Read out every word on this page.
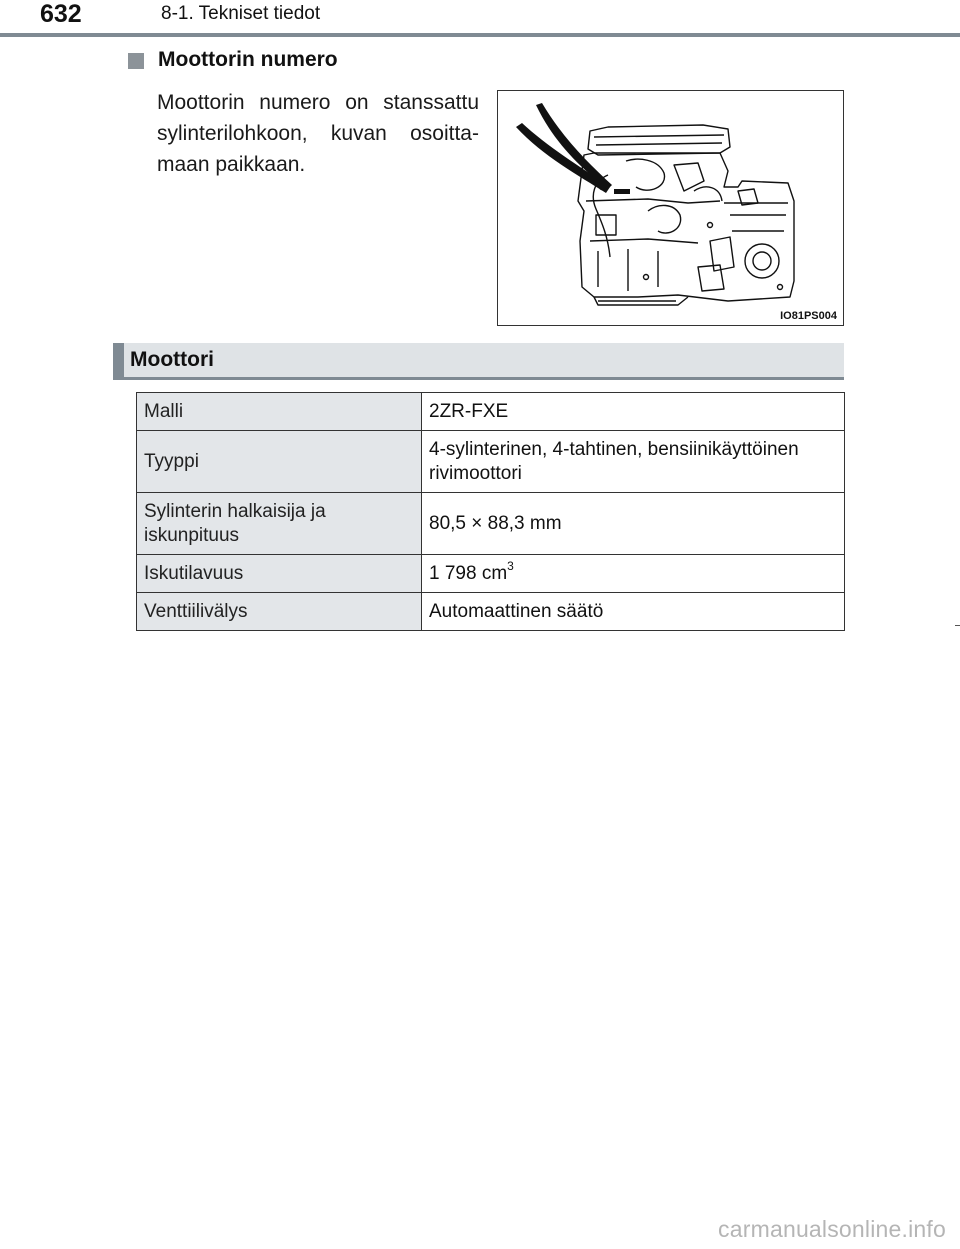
632	8-1. Tekniset tiedot
Moottorin numero
Moottorin numero on stanssattu sylinterilohkoon, kuvan osoittamaan paikkaan.
IO81PS004
Moottori
Malli	2ZR-FXE
Tyyppi	4-sylinterinen, 4-tahtinen, bensiinikäyttöinen rivimoottori
Sylinterin halkaisija ja iskunpituus	80,5 × 88,3 mm
Iskutilavuus	1 798 $cm^3$
Venttiilivälys	Automaattinen säätö
carmanualsonline.info
